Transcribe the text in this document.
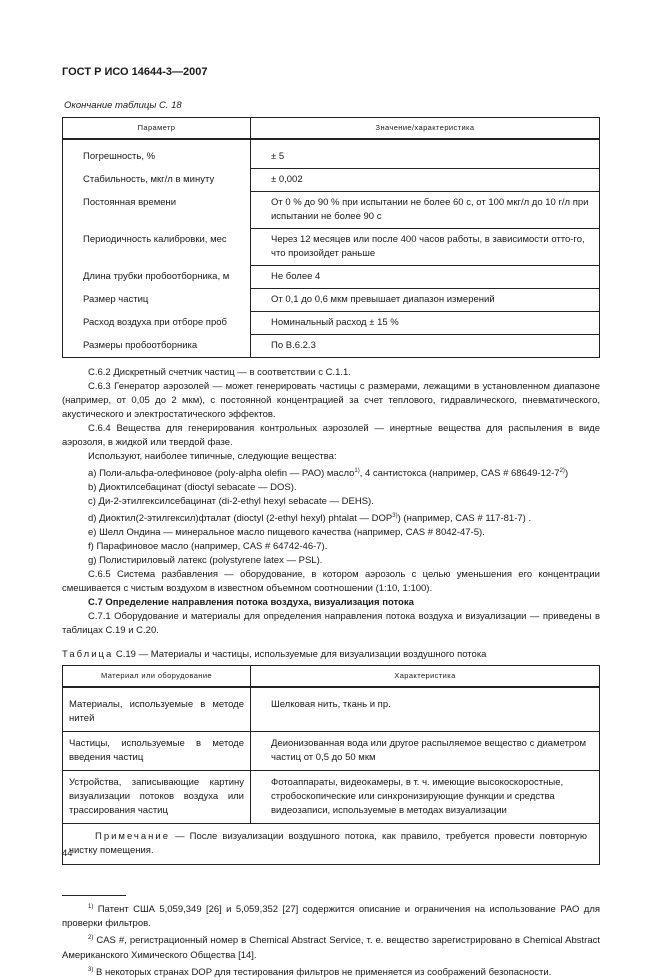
ГОСТ Р ИСО 14644-3—2007
Окончание таблицы С. 18
Параметр	Значение/характеристика
Погрешность, %	± 5
Стабильность, мкг/л в минуту	± 0,002
Постоянная времени	От 0 % до 90 % при испытании не более 60 с, от 100 мкг/л до 10 г/л при испытании не более 90 с
Периодичность калибровки, мес	Через 12 месяцев или после 400 часов работы, в зависимости отто-го, что произойдет раньше
Длина трубки пробоотборника, м	Не более 4
Размер частиц	От 0,1 до 0,6 мкм превышает диапазон измерений
Расход воздуха при отборе проб	Номинальный расход ± 15 %
Размеры пробоотборника	По В.6.2.3

С.6.2 Дискретный счетчик частиц — в соответствии с С.1.1.

С.6.3 Генератор аэрозолей — может генерировать частицы с размерами, лежащими в установленном диапазоне (например, от 0,05 до 2 мкм), с постоянной концентрацией за счет теплового, гидравлического, пневматического, акустического и электростатического эффектов.

С.6.4 Вещества для генерирования контрольных аэрозолей — инертные вещества для распыления в виде аэрозоля, в жидкой или твердой фазе.

Используют, наиболее типичные, следующие вещества:

а) Поли-альфа-олефиновое (poly-alpha olefin — РАО) масло$^{1)}$, 4 сантистокса (например, CAS # 68649-12-7$^{2)}$)

b) Диоктилсебацинат (dioctyl sebacate — DOS).

с) Ди-2-этилгексилсебацинат (di-2-ethyl hexyl sebacate — DEHS).

d) Диоктил(2-этилгексил)фталат (dioctyl (2-ethyl hexyl) phtalat — DOP$^{3)}$) (например, CAS # 117-81-7) .

е) Шелл Ондина — минеральное масло пищевого качества (например, CAS # 8042-47-5).

f) Парафиновое масло (например, CAS # 64742-46-7).

g) Полистириловый латекс (polystyrene latex — PSL).

С.6.5 Система разбавления — оборудование, в котором аэрозоль с целью уменьшения его концентрации смешивается с чистым воздухом в известном объемном соотношении (1:10, 1:100).

С.7 Определение направления потока воздуха, визуализация потока

С.7.1 Оборудование и материалы для определения направления потока воздуха и визуализации — приведены в таблицах С.19 и С.20.

Таблица С.19 — Материалы и частицы, используемые для визуализации воздушного потока

Материал или оборудование	Характеристика
Материалы, используемые в методе нитей	Шелковая нить, ткань и пр.
Частицы, используемые в методе введения частиц	Деионизованная вода или другое распыляемое вещество с диаметром частиц от 0,5 до 50 мкм
Устройства, записывающие картину визуализации потоков воздуха или трассирования частиц	Фотоаппараты, видеокамеры, в т. ч. имеющие высокоскоростные, стробоскопические или синхронизирующие функции и средства видеозаписи, используемые в методах визуализации

Примечание — После визуализации воздушного потока, как правило, требуется провести повторную чистку помещения.	

$^{1)}$ Патент США 5,059,349 [26] и 5,059,352 [27] содержится описание и ограничения на использование РАО для проверки фильтров.

$^{2)}$ CAS #, регистрационный номер в Chemical Abstract Service, т. е. вещество зарегистрировано в Chemical Abstract Американского Химического Общества [14].

$^{3)}$ В некоторых странах DOP для тестирования фильтров не применяется из соображений безопасности.

44
